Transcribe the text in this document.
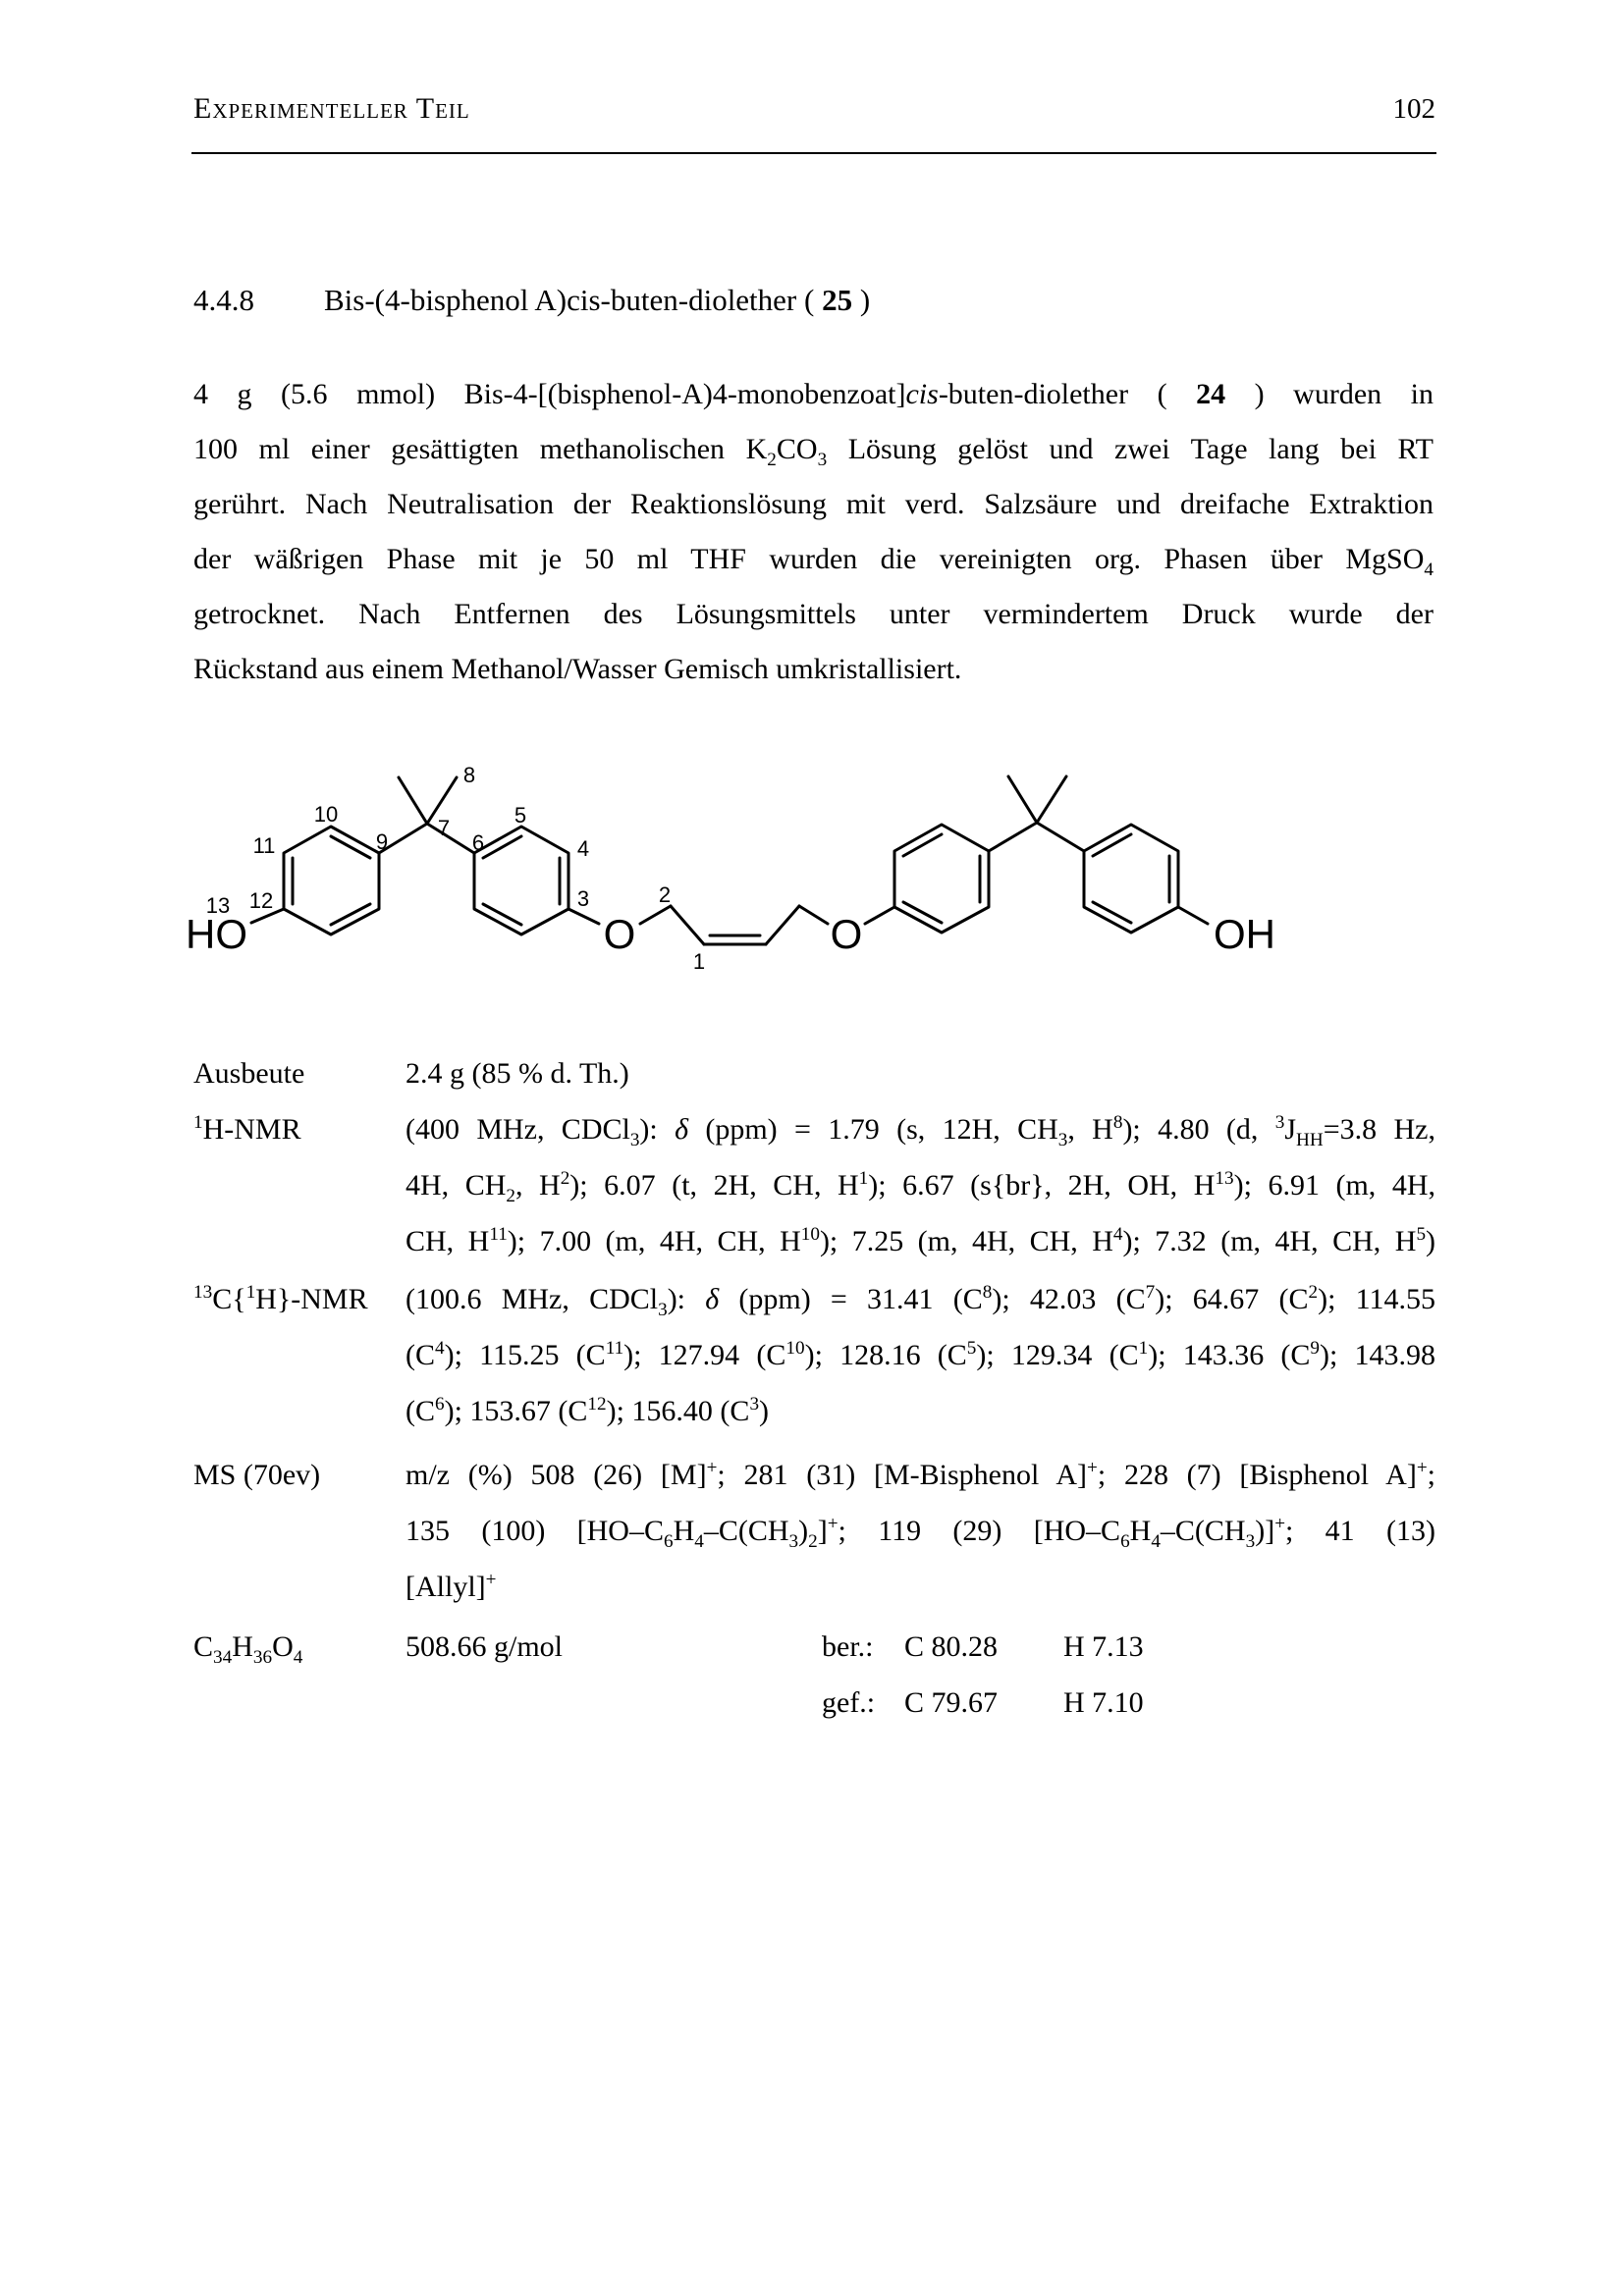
Experimenteller Teil	102
4.4.8 Bis-(4-bisphenol A)cis-buten-diolether ( 25 )
4 g (5.6 mmol) Bis-4-[(bisphenol-A)4-monobenzoat]cis-buten-diolether ( 24 ) wurden in
100 ml einer gesättigten methanolischen $K_2CO_3$ Lösung gelöst und zwei Tage lang bei RT
gerührt. Nach Neutralisation der Reaktionslösung mit verd. Salzsäure und dreifache Extraktion
der wäßrigen Phase mit je 50 ml THF wurden die vereinigten org. Phasen über MgSO$_4$
getrocknet. Nach Entfernen des Lösungsmittels unter vermindertem Druck wurde der
Rückstand aus einem Methanol/Wasser Gemisch umkristallisiert.
HO	O	O	OH
1
2
3
4
5
6
7
8
9
10
11
12
13
Ausbeute	2.4 g (85 % d. Th.)
$^1$H-NMR	(400 MHz, CDCl$_3$): δ (ppm) = 1.79 (s, 12H, $CH_3$, $H^8$); 4.80 (d, $^3J_{HH}=3.8$ Hz,
4H, $CH_2$, $H^2$); 6.07 (t, 2H, CH, $H^1$); 6.67 (s{br}, 2H, OH, $H^{13}$); 6.91 (m, 4H,
CH, $H^{11}$); 7.00 (m, 4H, CH, $H^{10}$); 7.25 (m, 4H, CH, $H^4$); 7.32 (m, 4H, CH, $H^5$)
$^{13}$C{$^1$H}-NMR	(100.6 MHz, CDCl$_3$): δ (ppm) = 31.41 $(C^8)$; 42.03 $(C^7)$; 64.67 $(C^2)$; 114.55
$(C^4)$; 115.25 $(C^{11})$; 127.94 $(C^{10})$; 128.16 $(C^5)$; 129.34 $(C^1)$; 143.36 $(C^9)$; 143.98
$(C^6)$; 153.67 $(C^{12})$; 156.40 $(C^3)$
MS (70ev)	m/z (%) 508 (26) [M]+; 281 (31) [M-Bisphenol A]+; 228 (7) [Bisphenol A]+;
135 (100) $[HO-C_6H_4-C(CH_3)_2]^+$; 119 (29) $[HO-C_6H_4-C(CH_3)]^+$; 41 (13)
[Allyl]+
$C_{34}H_{36}O_4$	508.66 g/mol	ber.:	C 80.28	H 7.13
gef.: C 79.67	H 7.10
